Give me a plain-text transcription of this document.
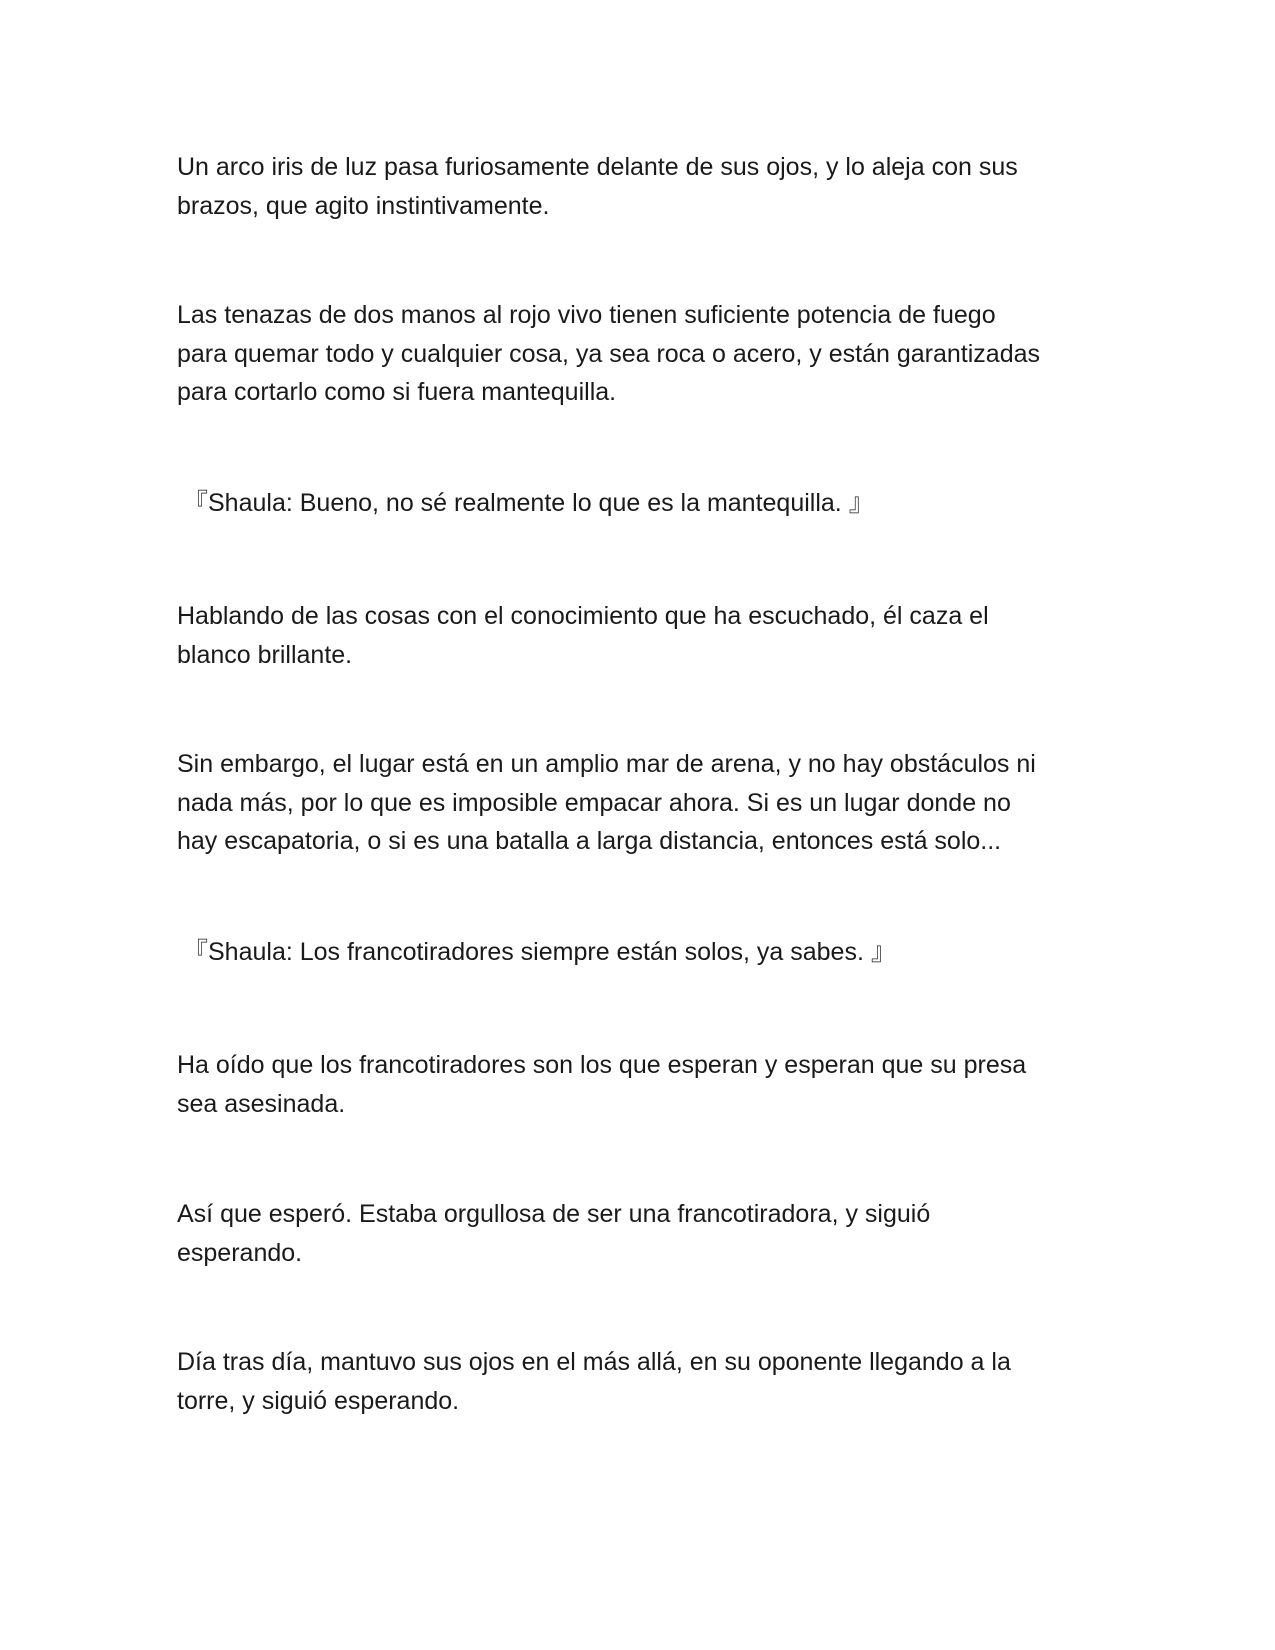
Un arco iris de luz pasa furiosamente delante de sus ojos, y lo aleja con sus
brazos, que agito instintivamente.

Las tenazas de dos manos al rojo vivo tienen suficiente potencia de fuego
para quemar todo y cualquier cosa, ya sea roca o acero, y están garantizadas
para cortarlo como si fuera mantequilla.

『Shaula: Bueno, no sé realmente lo que es la mantequilla. 』

Hablando de las cosas con el conocimiento que ha escuchado, él caza el
blanco brillante.

Sin embargo, el lugar está en un amplio mar de arena, y no hay obstáculos ni
nada más, por lo que es imposible empacar ahora. Si es un lugar donde no
hay escapatoria, o si es una batalla a larga distancia, entonces está solo...

『Shaula: Los francotiradores siempre están solos, ya sabes. 』

Ha oído que los francotiradores son los que esperan y esperan que su presa
sea asesinada.

Así que esperó. Estaba orgullosa de ser una francotiradora, y siguió
esperando.

Día tras día, mantuvo sus ojos en el más allá, en su oponente llegando a la
torre, y siguió esperando.
